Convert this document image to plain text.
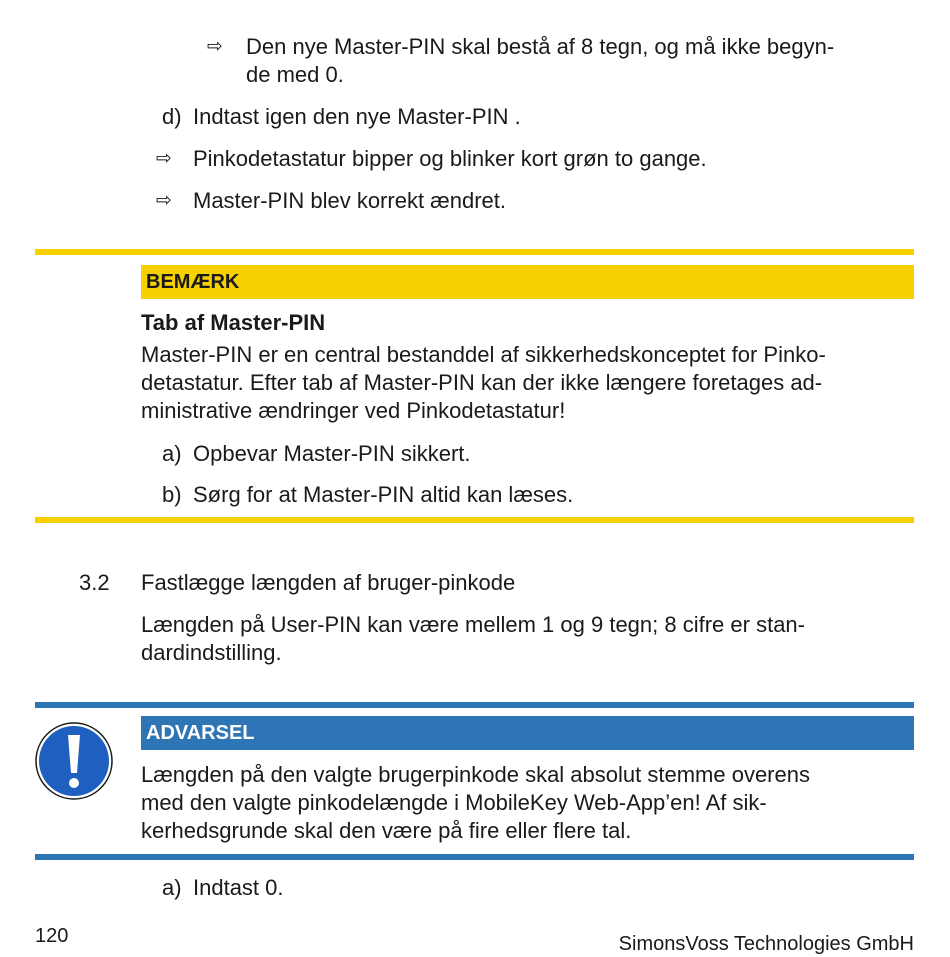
⇨ Den nye Master-PIN skal bestå af 8 tegn, og må ikke begyn-
de med 0.
d) Indtast igen den nye Master-PIN .
⇨ Pinkodetastatur bipper og blinker kort grøn to gange.
⇨ Master-PIN blev korrekt ændret.
BEMÆRK
Tab af Master-PIN
Master-PIN er en central bestanddel af sikkerhedskonceptet for Pinko-
detastatur. Efter tab af Master-PIN kan der ikke længere foretages ad-
ministrative ændringer ved Pinkodetastatur!
a) Opbevar Master-PIN sikkert.
b) Sørg for at Master-PIN altid kan læses.
3.2 Fastlægge længden af bruger-pinkode
Længden på User-PIN kan være mellem 1 og 9 tegn; 8 cifre er stan-
dardindstilling.
ADVARSEL
Længden på den valgte brugerpinkode skal absolut stemme overens
med den valgte pinkodelængde i MobileKey Web-App’en! Af sik-
kerhedsgrunde skal den være på fire eller flere tal.
a) Indtast 0.
120	SimonsVoss Technologies GmbH
